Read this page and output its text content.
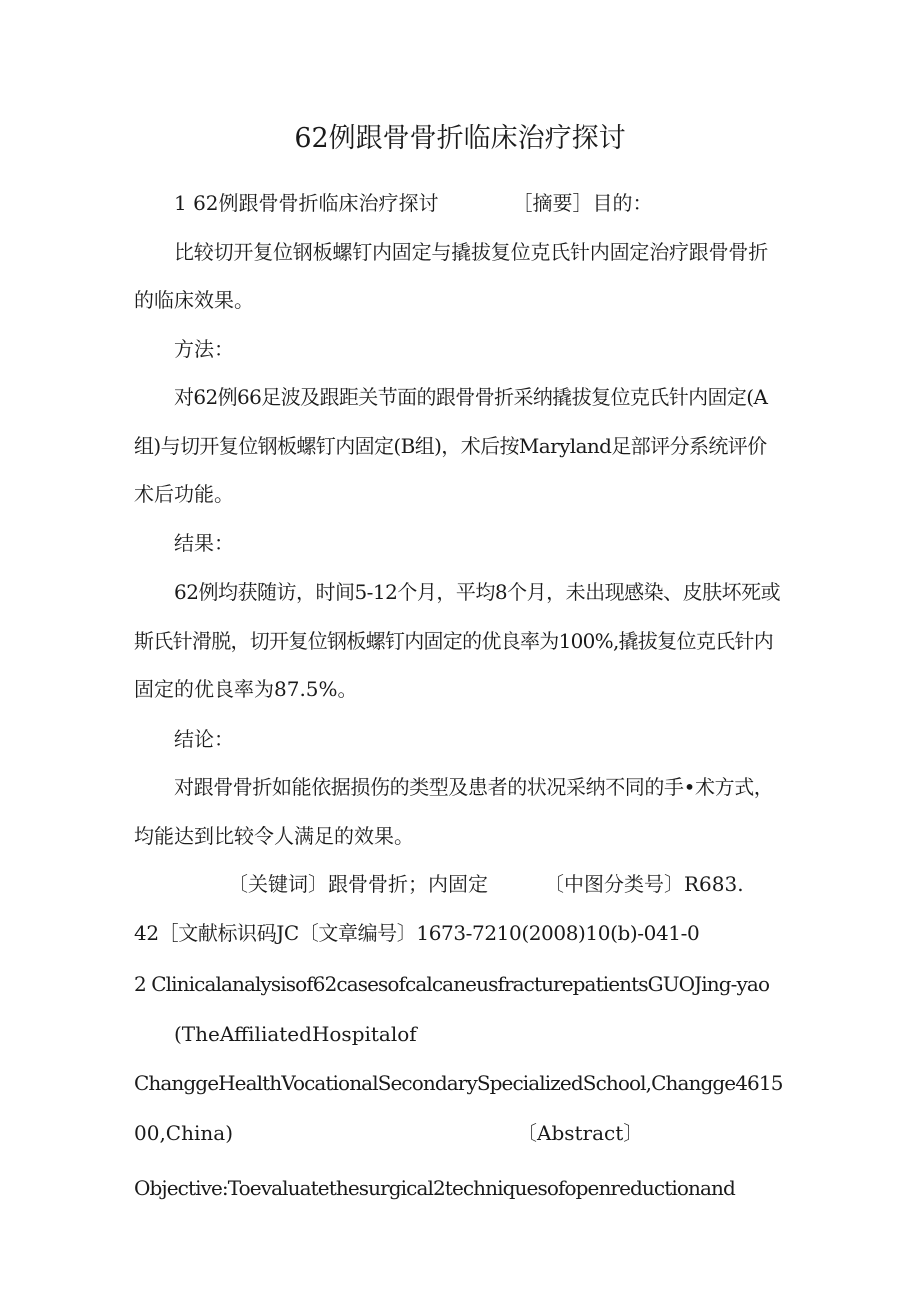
62例跟骨骨折临床治疗探讨
1 62例跟骨骨折临床治疗探讨	［摘要］目的：
比较切开复位钢板螺钉内固定与撬拔复位克氏针内固定治疗跟骨骨折
的临床效果。
方法：
对62例66足波及跟距关节面的跟骨骨折采纳撬拔复位克氏针内固定(A
组)与切开复位钢板螺钉内固定(B组)，术后按Maryland足部评分系统评价
术后功能。
结果：
62例均获随访，时间5-12个月，平均8个月，未出现感染、皮肤坏死或
斯氏针滑脱，切开复位钢板螺钉内固定的优良率为100%,撬拔复位克氏针内
固定的优良率为87.5%。
结论：
对跟骨骨折如能依据损伤的类型及患者的状况采纳不同的手•术方式，
均能达到比较令人满足的效果。
〔关键词〕跟骨骨折；内固定	〔中图分类号〕R683.
42［文献标识码JC〔文章编号〕1673-7210(2008)10(b)-041-0
2 Clinicalanalysisof62casesofcalcaneusfracturepatientsGUOJing-yao
(TheAffiliatedHospitalof
ChanggeHealthVocationalSecondarySpecializedSchool,Changge4615
00,China)	〔Abstract〕
Objective:Toevaluatethesurgical2techniquesofopenreductionand
